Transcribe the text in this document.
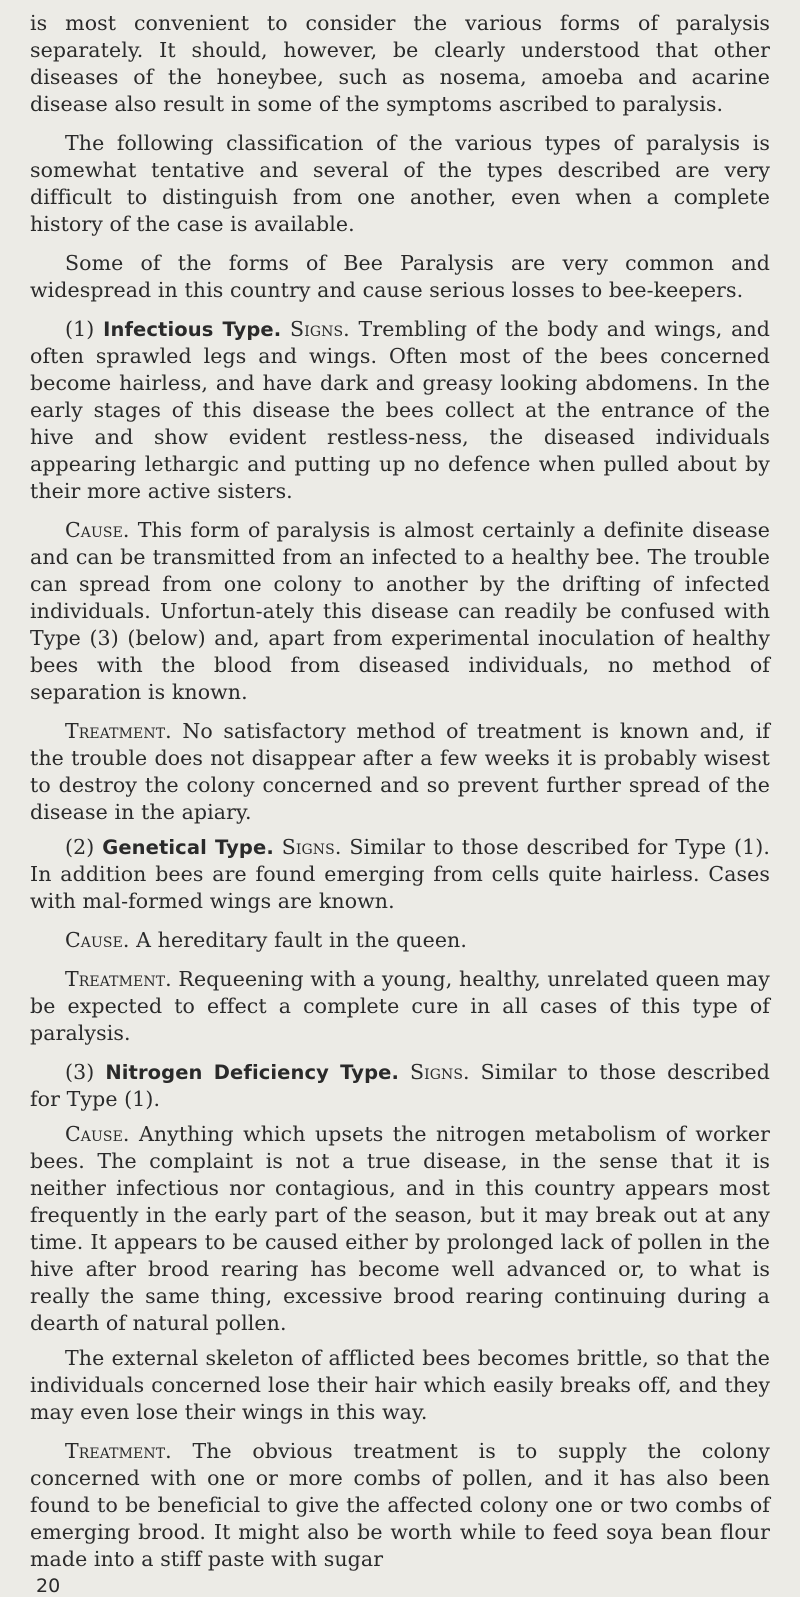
is most convenient to consider the various forms of paralysis separately. It should, however, be clearly understood that other diseases of the honeybee, such as nosema, amoeba and acarine disease also result in some of the symptoms ascribed to paralysis.

The following classification of the various types of paralysis is somewhat tentative and several of the types described are very difficult to distinguish from one another, even when a complete history of the case is available.

Some of the forms of Bee Paralysis are very common and widespread in this country and cause serious losses to bee-keepers.

(1) Infectious Type. Signs. Trembling of the body and wings, and often sprawled legs and wings. Often most of the bees concerned become hairless, and have dark and greasy looking abdomens. In the early stages of this disease the bees collect at the entrance of the hive and show evident restless-ness, the diseased individuals appearing lethargic and putting up no defence when pulled about by their more active sisters.

Cause. This form of paralysis is almost certainly a definite disease and can be transmitted from an infected to a healthy bee. The trouble can spread from one colony to another by the drifting of infected individuals. Unfortun-ately this disease can readily be confused with Type (3) (below) and, apart from experimental inoculation of healthy bees with the blood from diseased individuals, no method of separation is known.

Treatment. No satisfactory method of treatment is known and, if the trouble does not disappear after a few weeks it is probably wisest to destroy the colony concerned and so prevent further spread of the disease in the apiary.

(2) Genetical Type. Signs. Similar to those described for Type (1). In addition bees are found emerging from cells quite hairless. Cases with mal-formed wings are known.

Cause. A hereditary fault in the queen.

Treatment. Requeening with a young, healthy, unrelated queen may be expected to effect a complete cure in all cases of this type of paralysis.

(3) Nitrogen Deficiency Type. Signs. Similar to those described for Type (1).

Cause. Anything which upsets the nitrogen metabolism of worker bees. The complaint is not a true disease, in the sense that it is neither infectious nor contagious, and in this country appears most frequently in the early part of the season, but it may break out at any time. It appears to be caused either by prolonged lack of pollen in the hive after brood rearing has become well advanced or, to what is really the same thing, excessive brood rearing continuing during a dearth of natural pollen.

The external skeleton of afflicted bees becomes brittle, so that the individuals concerned lose their hair which easily breaks off, and they may even lose their wings in this way.

Treatment. The obvious treatment is to supply the colony concerned with one or more combs of pollen, and it has also been found to be beneficial to give the affected colony one or two combs of emerging brood. It might also be worth while to feed soya bean flour made into a stiff paste with sugar

20
